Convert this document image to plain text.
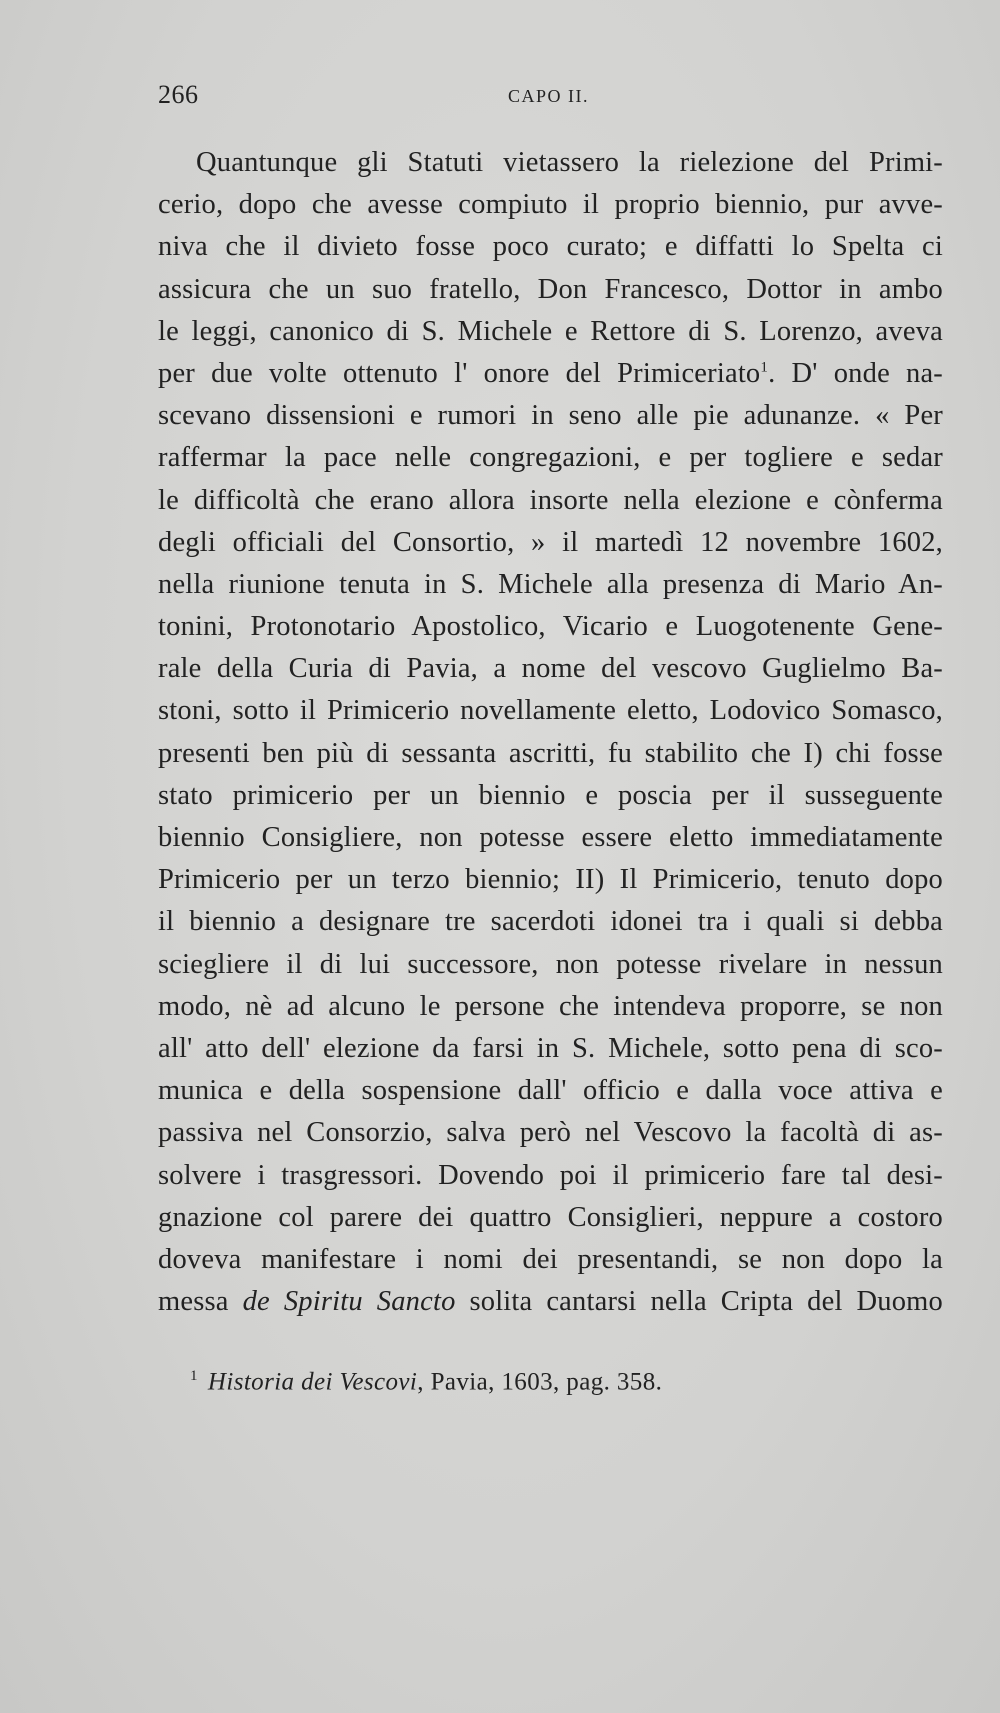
266	CAPO II.
Quantunque gli Statuti vietassero la rielezione del Primi-
cerio, dopo che avesse compiuto il proprio biennio, pur avve-
niva che il divieto fosse poco curato; e diffatti lo Spelta ci
assicura che un suo fratello, Don Francesco, Dottor in ambo
le leggi, canonico di S. Michele e Rettore di S. Lorenzo, aveva
per due volte ottenuto l' onore del Primiceriato$^1$. D' onde na-
scevano dissensioni e rumori in seno alle pie adunanze. « Per
raffermar la pace nelle congregazioni, e per togliere e sedar
le difficoltà che erano allora insorte nella elezione e cònferma
degli officiali del Consortio, » il martedì 12 novembre 1602,
nella riunione tenuta in S. Michele alla presenza di Mario An-
tonini, Protonotario Apostolico, Vicario e Luogotenente Gene-
rale della Curia di Pavia, a nome del vescovo Guglielmo Ba-
stoni, sotto il Primicerio novellamente eletto, Lodovico Somasco,
presenti ben più di sessanta ascritti, fu stabilito che I) chi fosse
stato primicerio per un biennio e poscia per il susseguente
biennio Consigliere, non potesse essere eletto immediatamente
Primicerio per un terzo biennio; II) Il Primicerio, tenuto dopo
il biennio a designare tre sacerdoti idonei tra i quali si debba
sciegliere il di lui successore, non potesse rivelare in nessun
modo, nè ad alcuno le persone che intendeva proporre, se non
all' atto dell' elezione da farsi in S. Michele, sotto pena di sco-
munica e della sospensione dall' officio e dalla voce attiva e
passiva nel Consorzio, salva però nel Vescovo la facoltà di as-
solvere i trasgressori. Dovendo poi il primicerio fare tal desi-
gnazione col parere dei quattro Consiglieri, neppure a costoro
doveva manifestare i nomi dei presentandi, se non dopo la
messa de Spiritu Sancto solita cantarsi nella Cripta del Duomo
$^1$ Historia dei Vescovi, Pavia, 1603, pag. 358.
